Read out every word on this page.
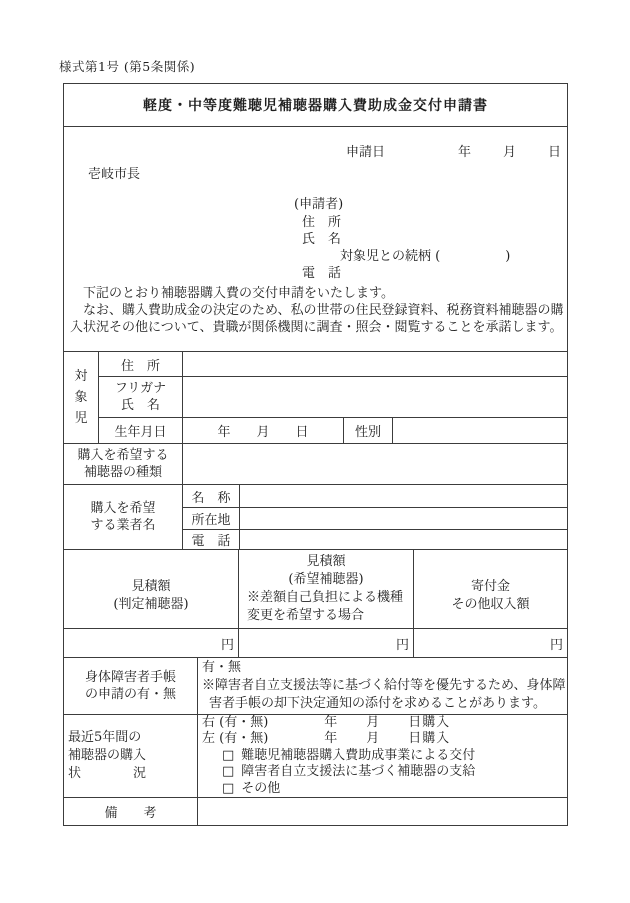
様式第1号 (第5条関係)
軽度・中等度難聴児補聴器購入費助成金交付申請書
申請日	年　　月　　日
壱岐市長
(申請者)
住　所
氏　名
対象児との続柄 (　　　　　)
電　話
　下記のとおり補聴器購入費の交付申請をいたします。
　なお、購入費助成金の決定のため、私の世帯の住民登録資料、税務資料補聴器の購
入状況その他について、貴職が関係機関に調査・照会・閲覧することを承諾します。
対
象
児	住　所				

	フリガナ
氏　名				

	生年月日	年　　月　　日		性別	

購入を希望する
補聴器の種類					

購入を希望
する業者名		名　称			
		所在地			
		電　話			
見積額
(判定補聴器)

見積額
(希望補聴器)
※差額自己負担による機種
変更を希望する場合

寄付金
その他収入額

円	円	円
身体障害者手帳
の申請の有・無

有・無
※障害者自立支援法等に基づく給付等を優先するため、身体障
害者手帳の却下決定通知の添付を求めることがあります。

最近5年間の
補聴器の購入
状　　　　況

右 (有・無)	年　　月　　日購入
左 (有・無)	年　　月　　日購入
□ 難聴児補聴器購入費助成事業による交付
□ 障害者自立支援法に基づく補聴器の支給
□ その他

備　　考	
